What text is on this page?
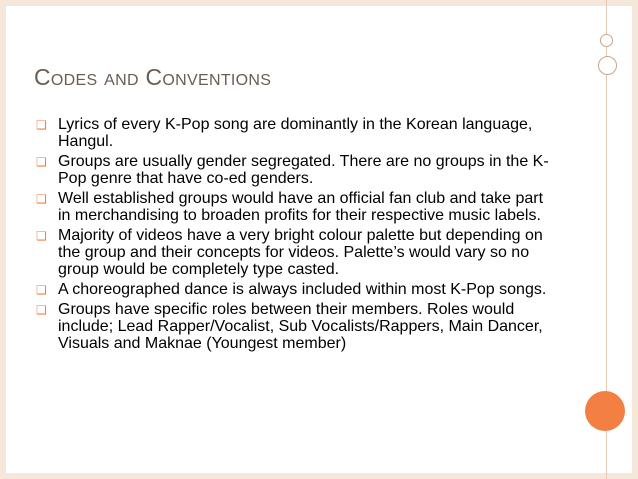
Codes and Conventions
❑ Lyrics of every K-Pop song are dominantly in the Korean language, Hangul.
❑ Groups are usually gender segregated. There are no groups in the K-Pop genre that have co-ed genders.
❑ Well established groups would have an official fan club and take part in merchandising to broaden profits for their respective music labels.
❑ Majority of videos have a very bright colour palette but depending on the group and their concepts for videos. Palette’s would vary so no group would be completely type casted.
❑ A choreographed dance is always included within most K-Pop songs.
❑ Groups have specific roles between their members. Roles would include; Lead Rapper/Vocalist, Sub Vocalists/Rappers, Main Dancer, Visuals and Maknae (Youngest member)
